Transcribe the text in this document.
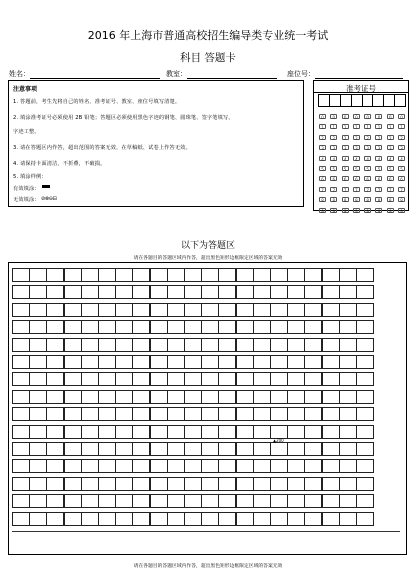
2016 年上海市普通高校招生编导类专业统一考试
科目 答题卡
姓名：	教室：	座位号：
注意事项
1. 答题前，考生先将自己的姓名、准考证号、教室、座位号填写清楚。
2. 填涂准考证号必须使用 2B 铅笔；答题区必须使用黑色字迹的钢笔、圆珠笔、签字笔填写，
字迹工整。
3. 请在答题区内作答，超出范围的答案无效，在草稿纸、试卷上作答无效。
4. 请保持卡面清洁，不折叠，不破损。
5. 填涂样例：
有效填涂：
无效填涂： ⊘⊗⊖⊟
准考证号
0	0	0	0	0	0	0	0
1	1	1	1	1	1	1	1
2	2	2	2	2	2	2	2
3	3	3	3	3	3	3	3
4	4	4	4	4	4	4	4
5	5	5	5	5	5	5	5
6	6	6	6	6	6	6	6
7	7	7	7	7	7	7	7
8	8	8	8	8	8	8	8
9	9	9	9	9	9	9	9
以下为答题区
请在各题目的答题区域内作答，超出黑色矩形边框限定区域的答案无效
▲200
请在各题目的答题区域内作答，超出黑色矩形边框限定区域的答案无效
